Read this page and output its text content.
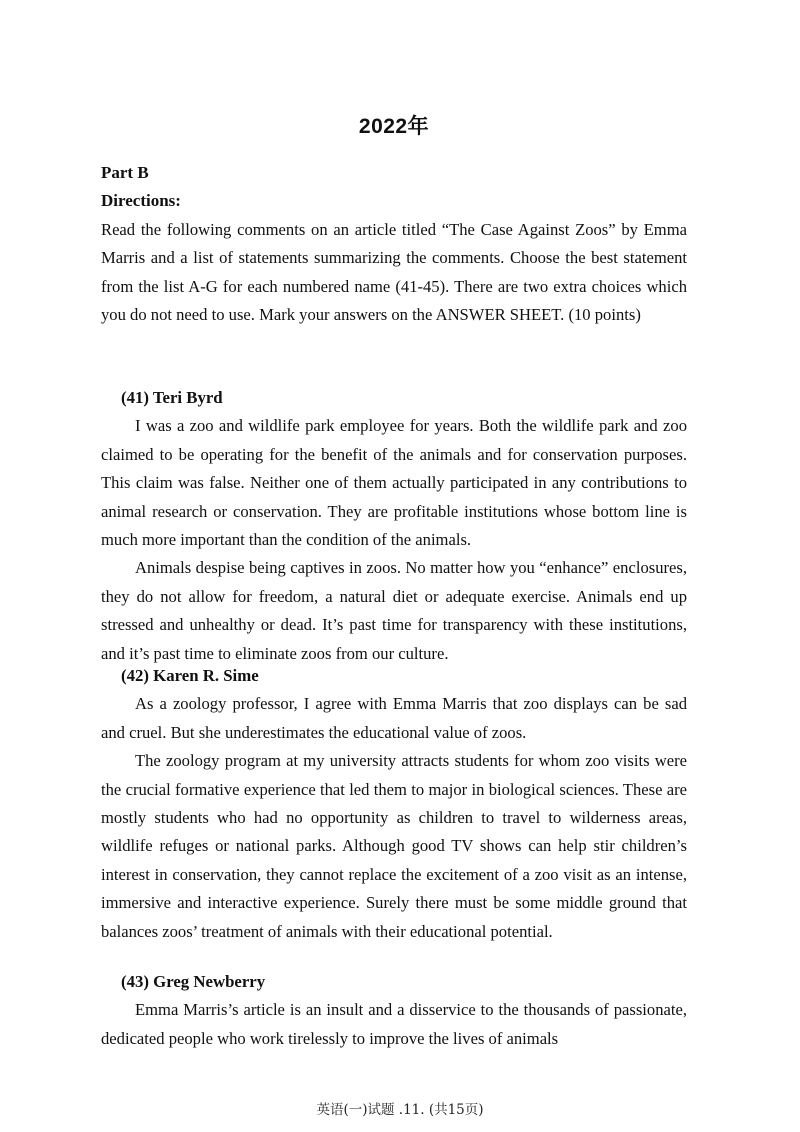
2022年
Part B
Directions:

Read the following comments on an article titled “The Case Against Zoos” by Emma Marris and a list of statements summarizing the comments. Choose the best statement from the list A-G for each numbered name (41-45). There are two extra choices which you do not need to use. Mark your answers on the ANSWER SHEET. (10 points)

(41) Teri Byrd

I was a zoo and wildlife park employee for years. Both the wildlife park and zoo claimed to be operating for the benefit of the animals and for conservation purposes. This claim was false. Neither one of them actually participated in any contributions to animal research or conservation. They are profitable institutions whose bottom line is much more important than the condition of the animals.

Animals despise being captives in zoos. No matter how you “enhance” enclosures, they do not allow for freedom, a natural diet or adequate exercise. Animals end up stressed and unhealthy or dead. It’s past time for transparency with these institutions, and it’s past time to eliminate zoos from our culture.

(42) Karen R. Sime

As a zoology professor, I agree with Emma Marris that zoo displays can be sad and cruel. But she underestimates the educational value of zoos.

The zoology program at my university attracts students for whom zoo visits were the crucial formative experience that led them to major in biological sciences. These are mostly students who had no opportunity as children to travel to wilderness areas, wildlife refuges or national parks. Although good TV shows can help stir children’s interest in conservation, they cannot replace the excitement of a zoo visit as an intense, immersive and interactive experience. Surely there must be some middle ground that balances zoos’ treatment of animals with their educational potential.

(43) Greg Newberry

Emma Marris’s article is an insult and a disservice to the thousands of passionate, dedicated people who work tirelessly to improve the lives of animals

英语(一)试题 .11. (共15页)
